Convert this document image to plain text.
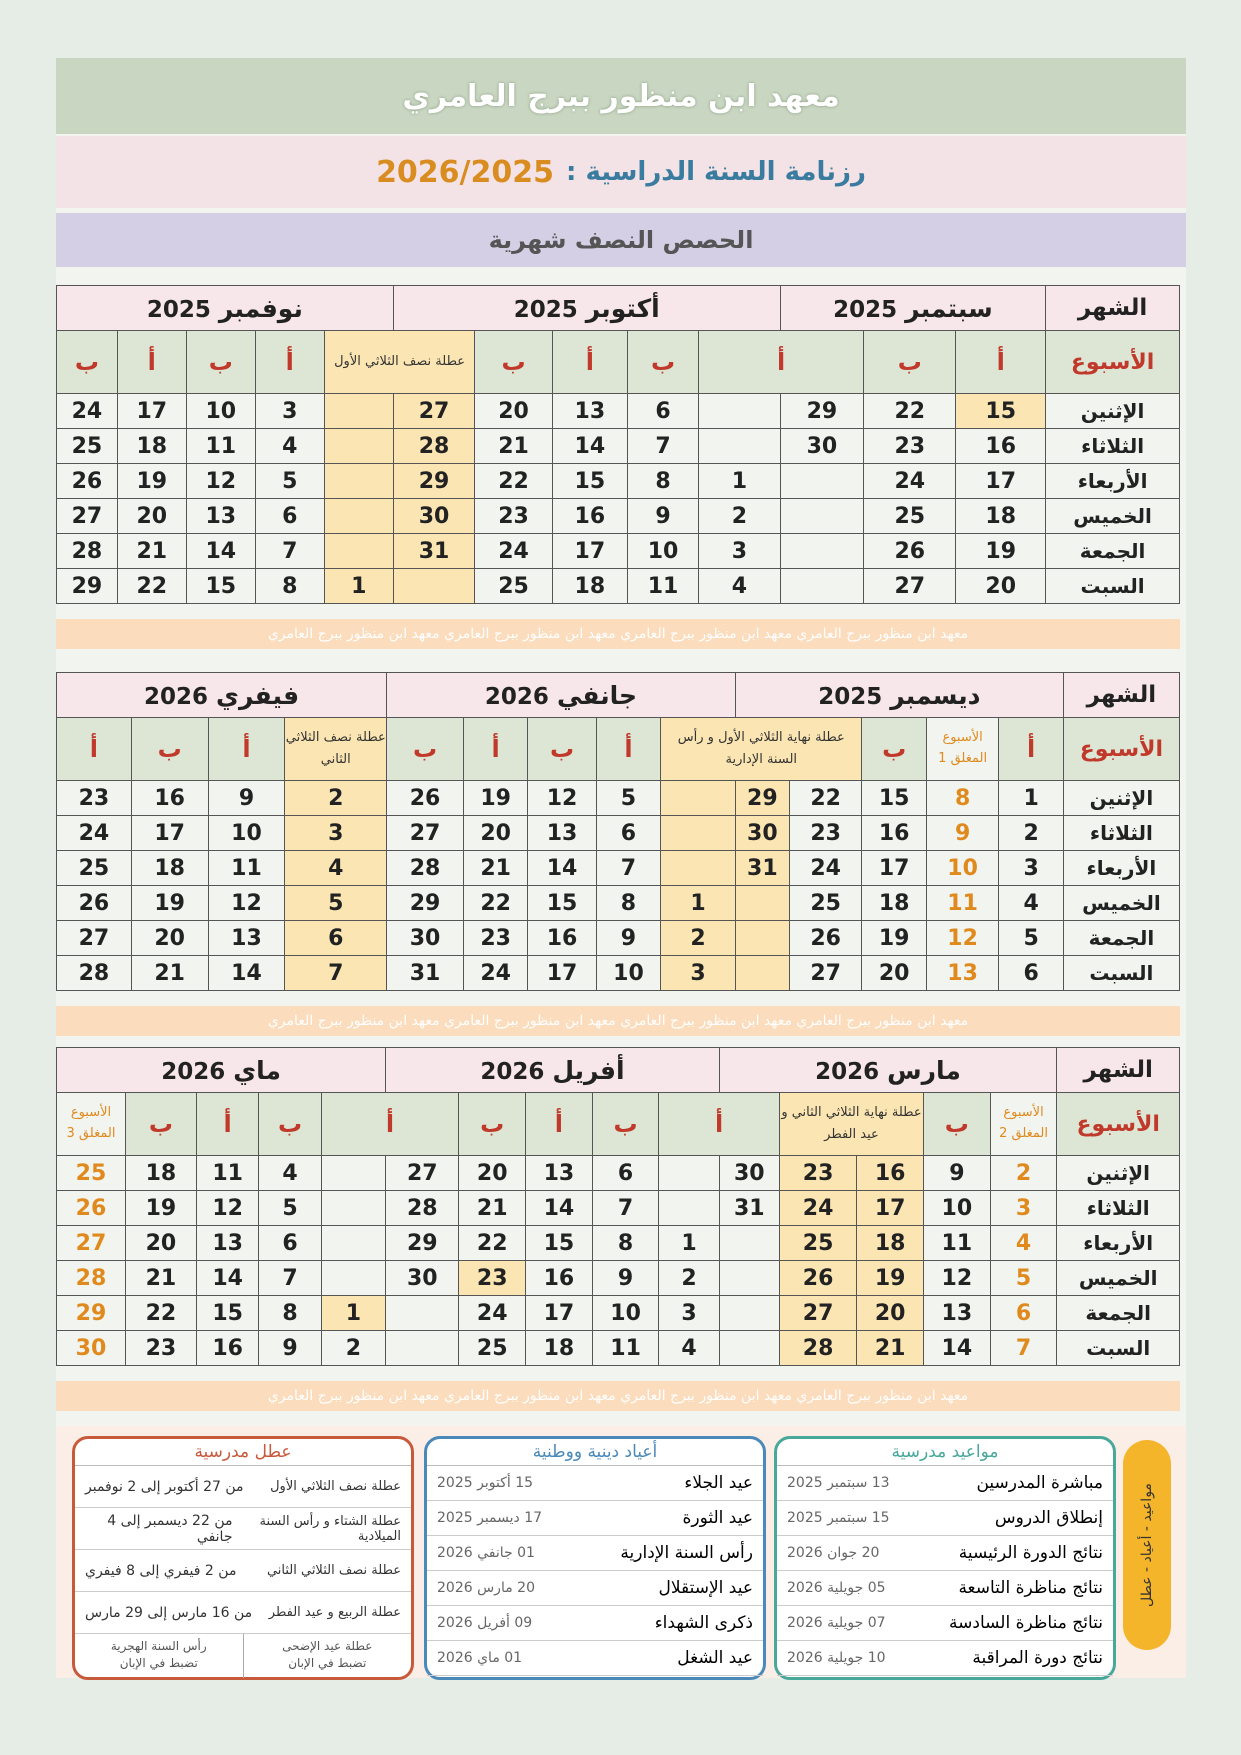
معهد ابن منظور ببرج العامري
رزنامة السنة الدراسية :
2026/2025
الحصص النصف شهرية
الشهر	سبتمبر 2025			أكتوبر 2025					نوفمبر 2025				
الأسبوع	أ	ب	أ		ب	أ	ب	عطلة نصف الثلاثي الأول		أ	ب	أ	ب
الإثنين	15	22	29		6	13	20	27		3	10	17	24
الثلاثاء	16	23	30		7	14	21	28		4	11	18	25
الأربعاء	17	24		1	8	15	22	29		5	12	19	26
الخميس	18	25		2	9	16	23	30		6	13	20	27
الجمعة	19	26		3	10	17	24	31		7	14	21	28
السبت	20	27		4	11	18	25		1	8	15	22	29
معهد ابن منظور ببرج العامري معهد ابن منظور ببرج العامري معهد ابن منظور ببرج العامري معهد ابن منظور ببرج العامري
الشهر	ديسمبر 2025					جانفي 2026					فيفري 2026			
الأسبوع	أ	الأسبوع المغلق 1	ب	عطلة نهاية الثلاثي الأول و رأس السنة الإدارية			أ	ب	أ	ب	عطلة نصف الثلاثي الثاني	أ	ب	أ
الإثنين	1	8	15	22	29		5	12	19	26	2	9	16	23
الثلاثاء	2	9	16	23	30		6	13	20	27	3	10	17	24
الأربعاء	3	10	17	24	31		7	14	21	28	4	11	18	25
الخميس	4	11	18	25		1	8	15	22	29	5	12	19	26
الجمعة	5	12	19	26		2	9	16	23	30	6	13	20	27
السبت	6	13	20	27		3	10	17	24	31	7	14	21	28
معهد ابن منظور ببرج العامري معهد ابن منظور ببرج العامري معهد ابن منظور ببرج العامري معهد ابن منظور ببرج العامري
الشهر	مارس 2026					أفريل 2026					ماي 2026				
الأسبوع	الأسبوع المغلق 2	ب	عطلة نهاية الثلاثي الثاني و عيد الفطر		أ		ب	أ	ب	أ		ب	أ	ب	الأسبوع المغلق 3
الإثنين	2	9	16	23	30		6	13	20	27		4	11	18	25
الثلاثاء	3	10	17	24	31		7	14	21	28		5	12	19	26
الأربعاء	4	11	18	25		1	8	15	22	29		6	13	20	27
الخميس	5	12	19	26		2	9	16	23	30		7	14	21	28
الجمعة	6	13	20	27		3	10	17	24		1	8	15	22	29
السبت	7	14	21	28		4	11	18	25		2	9	16	23	30
معهد ابن منظور ببرج العامري معهد ابن منظور ببرج العامري معهد ابن منظور ببرج العامري معهد ابن منظور ببرج العامري
مواعيد - أعياد - عطل
مواعيد مدرسية
مباشرة المدرسين
13 سبتمبر 2025
إنطلاق الدروس
15 سبتمبر 2025
نتائج الدورة الرئيسية
20 جوان 2026
نتائج مناظرة التاسعة
05 جويلية 2026
نتائج مناظرة السادسة
07 جويلية 2026
نتائج دورة المراقبة
10 جويلية 2026
أعياد دينية ووطنية
عيد الجلاء
15 أكتوبر 2025
عيد الثورة
17 ديسمبر 2025
رأس السنة الإدارية
01 جانفي 2026
عيد الإستقلال
20 مارس 2026
ذكرى الشهداء
09 أفريل 2026
عيد الشغل
01 ماي 2026
عطل مدرسية
عطلة نصف الثلاثي الأول
من 27 أكتوبر إلى 2 نوفمبر
عطلة الشتاء و رأس السنة الميلادية
من 22 ديسمبر إلى 4 جانفي
عطلة نصف الثلاثي الثاني
من 2 فيفري إلى 8 فيفري
عطلة الربيع و عيد الفطر
من 16 مارس إلى 29 مارس
عطلة عيد الإضحى
تضبط في الإبان
رأس السنة الهجرية
تضبط في الإبان
